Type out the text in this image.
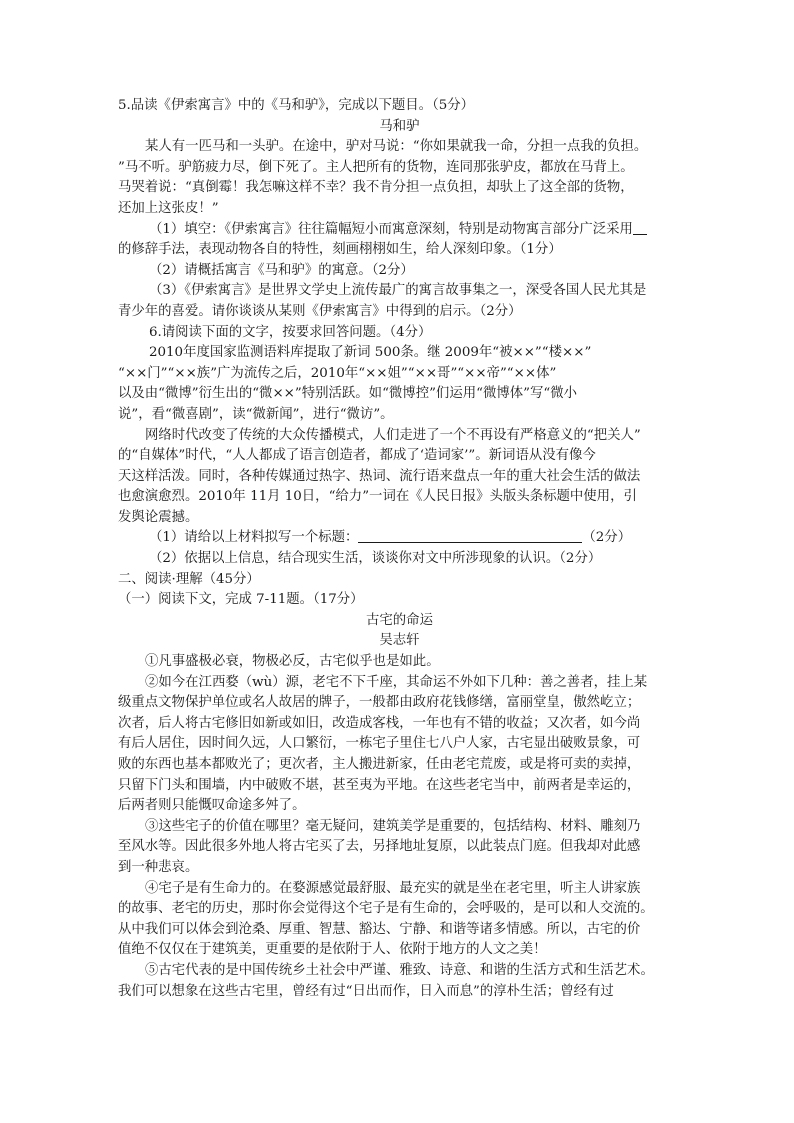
5.品读《伊索寓言》中的《马和驴》，完成以下题目。（5分）
马和驴
某人有一匹马和一头驴。在途中，驴对马说：“你如果就我一命，分担一点我的负担。
”马不听。驴筋疲力尽，倒下死了。主人把所有的货物，连同那张驴皮，都放在马背上。
马哭着说：“真倒霉！我怎嘛这样不幸？我不肯分担一点负担，却驮上了这全部的货物，
还加上这张皮！”
（1）填空：《伊索寓言》往往篇幅短小而寓意深刻，特别是动物寓言部分广泛采用
的修辞手法，表现动物各自的特性，刻画栩栩如生，给人深刻印象。（1分）
（2）请概括寓言《马和驴》的寓意。（2分）
（3）《伊索寓言》是世界文学史上流传最广的寓言故事集之一，深受各国人民尤其是
青少年的喜爱。请你谈谈从某则《伊索寓言》中得到的启示。（2分）
6.请阅读下面的文字，按要求回答问题。（4分）
2010年度国家监测语料库提取了新词 500条。继 2009年“被××”“楼××”
“××门”“××族”广为流传之后，2010年“××姐”“××哥”“××帝”“××体”
以及由“微博”衍生出的“微××”特别活跃。如“微博控”们运用“微博体”写“微小
说”，看“微喜剧”，读“微新闻”，进行“微访”。
网络时代改变了传统的大众传播模式，人们走进了一个不再设有严格意义的“把关人”
的“自媒体”时代，“人人都成了语言创造者，都成了‘造词家’”。新词语从没有像今
天这样活泼。同时，各种传媒通过热字、热词、流行语来盘点一年的重大社会生活的做法
也愈演愈烈。2010年 11月 10日，“给力”一词在《人民日报》头版头条标题中使用，引
发舆论震撼。
（1）请给以上材料拟写一个标题：	（2分）
（2）依据以上信息，结合现实生活，谈谈你对文中所涉现象的认识。（2分）
二、阅读·理解（45分）
（一）阅读下文，完成 7-11题。（17分）
古宅的命运
吴志轩
①凡事盛极必衰，物极必反，古宅似乎也是如此。
②如今在江西婺（wù）源，老宅不下千座，其命运不外如下几种：善之善者，挂上某
级重点文物保护单位或名人故居的牌子，一般都由政府花钱修缮，富丽堂皇，傲然屹立；
次者，后人将古宅修旧如新或如旧，改造成客栈，一年也有不错的收益；又次者，如今尚
有后人居住，因时间久远，人口繁衍，一栋宅子里住七八户人家，古宅显出破败景象，可
败的东西也基本都败光了；更次者，主人搬进新家，任由老宅荒废，或是将可卖的卖掉，
只留下门头和围墙，内中破败不堪，甚至夷为平地。在这些老宅当中，前两者是幸运的，
后两者则只能慨叹命途多舛了。
③这些宅子的价值在哪里？毫无疑问，建筑美学是重要的，包括结构、材料、雕刻乃
至风水等。因此很多外地人将古宅买了去，另择地址复原，以此装点门庭。但我却对此感
到一种悲哀。
④宅子是有生命力的。在婺源感觉最舒服、最充实的就是坐在老宅里，听主人讲家族
的故事、老宅的历史，那时你会觉得这个宅子是有生命的，会呼吸的，是可以和人交流的。
从中我们可以体会到沧桑、厚重、智慧、豁达、宁静、和谐等诸多情感。所以，古宅的价
值绝不仅仅在于建筑美，更重要的是依附于人、依附于地方的人文之美！
⑤古宅代表的是中国传统乡土社会中严谨、雅致、诗意、和谐的生活方式和生活艺术。
我们可以想象在这些古宅里，曾经有过“日出而作，日入而息”的淳朴生活；曾经有过
